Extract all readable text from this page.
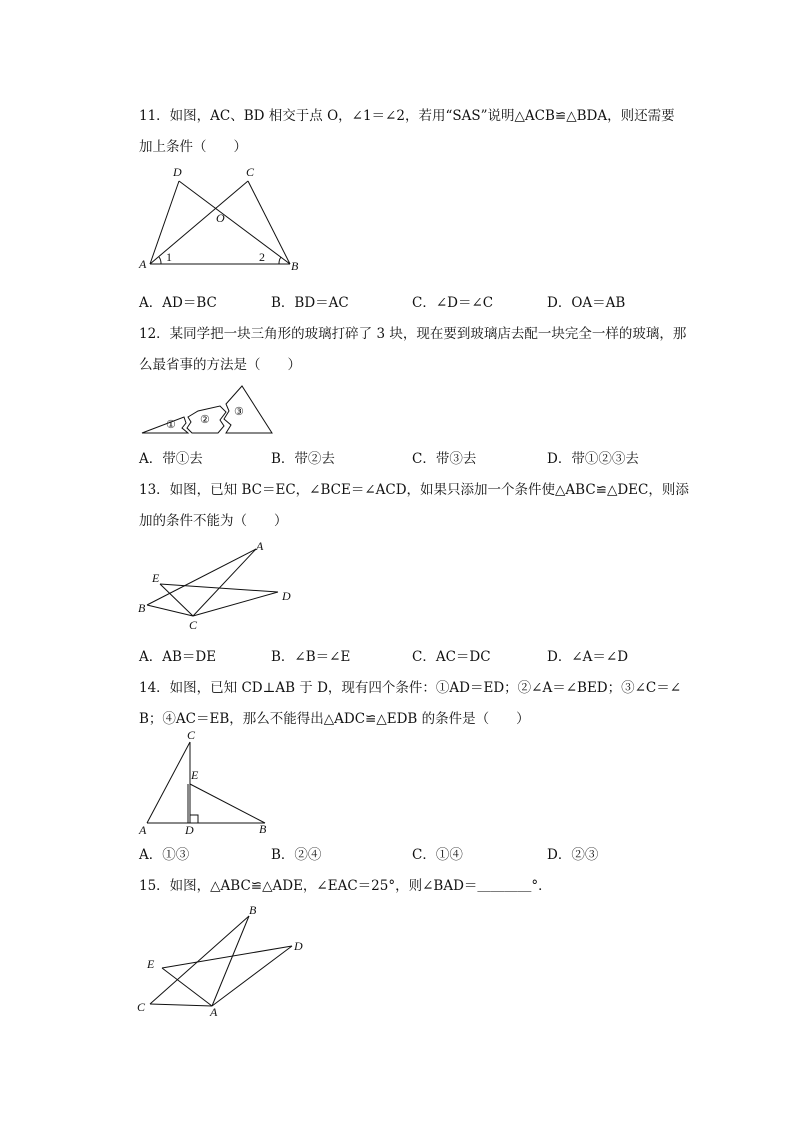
11．如图，AC、BD 相交于点 O，∠1＝∠2，若用“SAS”说明△ACB≌△BDA，则还需要
加上条件（　　）
D	C
O
A	B
1	2
A．AD＝BC	B．BD＝AC	C．∠D＝∠C	D．OA＝AB
12．某同学把一块三角形的玻璃打碎了 3 块，现在要到玻璃店去配一块完全一样的玻璃，那
么最省事的方法是（　　）
① ②
③
A．带①去	B．带②去	C．带③去	D．带①②③去
13．如图，已知 BC＝EC，∠BCE＝∠ACD，如果只添加一个条件使△ABC≌△DEC，则添
加的条件不能为（　　）
A
E
B
C
D
A．AB＝DE	B．∠B＝∠E	C．AC＝DC	D．∠A＝∠D
14．如图，已知 CD⊥AB 于 D，现有四个条件：①AD＝ED；②∠A＝∠BED；③∠C＝∠
B；④AC＝EB，那么不能得出△ADC≌△EDB 的条件是（　　）
C
E
A	D	B
A．①③	B．②④	C．①④	D．②③
15．如图，△ABC≌△ADE，∠EAC＝25°，则∠BAD＝＿＿＿＿°．
B
D
E
C	A
